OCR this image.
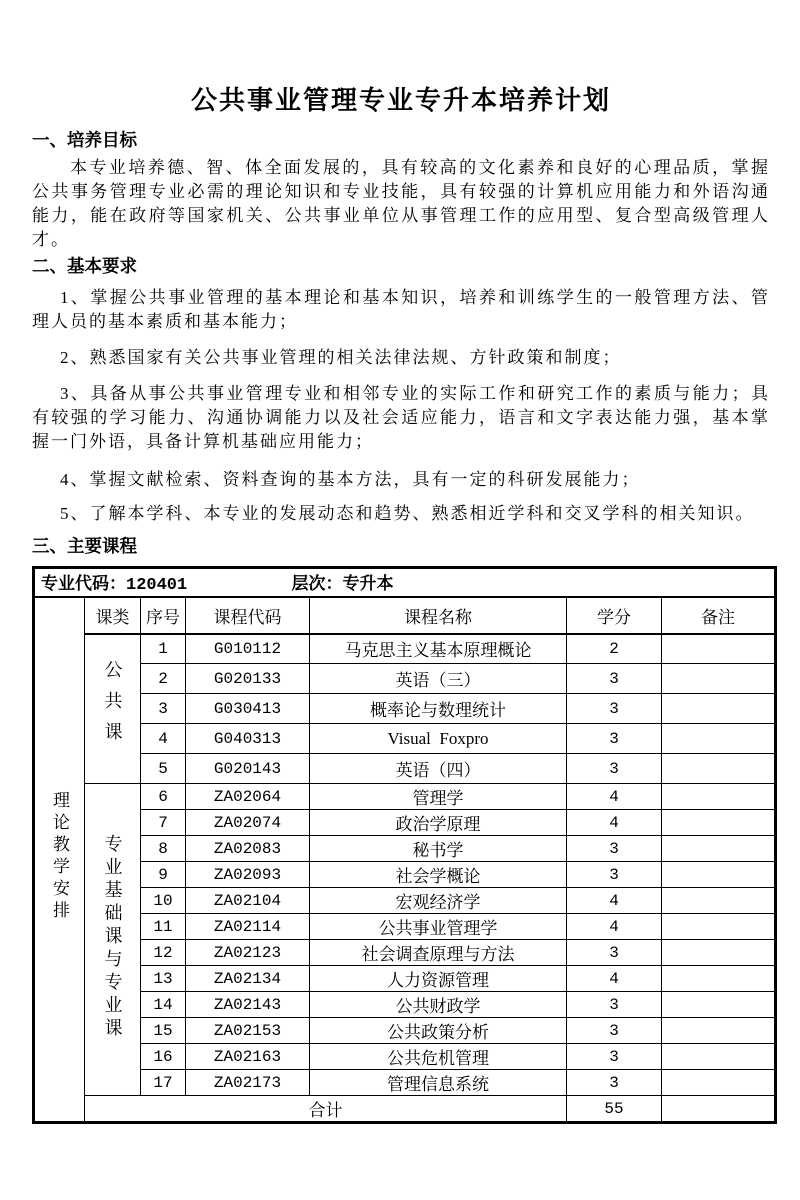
公共事业管理专业专升本培养计划
一、培养目标

本专业培养德、智、体全面发展的，具有较高的文化素养和良好的心理品质，掌握公共事务管理专业必需的理论知识和专业技能，具有较强的计算机应用能力和外语沟通能力，能在政府等国家机关、公共事业单位从事管理工作的应用型、复合型高级管理人才。

二、基本要求

1、掌握公共事业管理的基本理论和基本知识，培养和训练学生的一般管理方法、管理人员的基本素质和基本能力；

2、熟悉国家有关公共事业管理的相关法律法规、方针政策和制度；

3、具备从事公共事业管理专业和相邻专业的实际工作和研究工作的素质与能力；具有较强的学习能力、沟通协调能力以及社会适应能力，语言和文字表达能力强，基本掌握一门外语，具备计算机基础应用能力；

4、掌握文献检索、资料查询的基本方法，具有一定的科研发展能力；

5、了解本学科、本专业的发展动态和趋势、熟悉相近学科和交叉学科的相关知识。

三、主要课程
专业代码：120401 层次：专升本						
理论教学安排	课类	序号	课程代码	课程名称	学分	备注
	公共课	1	G010112	马克思主义基本原理概论	2	
		2	G020133	英语（三）	3	
		3	G030413	概率论与数理统计	3	
		4	G040313	Visual  Foxpro	3	
		5	G020143	英语（四）	3	
	专业基础课与专业课	6	ZA02064	管理学	4	
		7	ZA02074	政治学原理	4	
		8	ZA02083	秘书学	3	
		9	ZA02093	社会学概论	3	
		10	ZA02104	宏观经济学	4	
		11	ZA02114	公共事业管理学	4	
		12	ZA02123	社会调查原理与方法	3	
		13	ZA02134	人力资源管理	4	
		14	ZA02143	公共财政学	3	
		15	ZA02153	公共政策分析	3	
		16	ZA02163	公共危机管理	3	
		17	ZA02173	管理信息系统	3	
	合计				55	
